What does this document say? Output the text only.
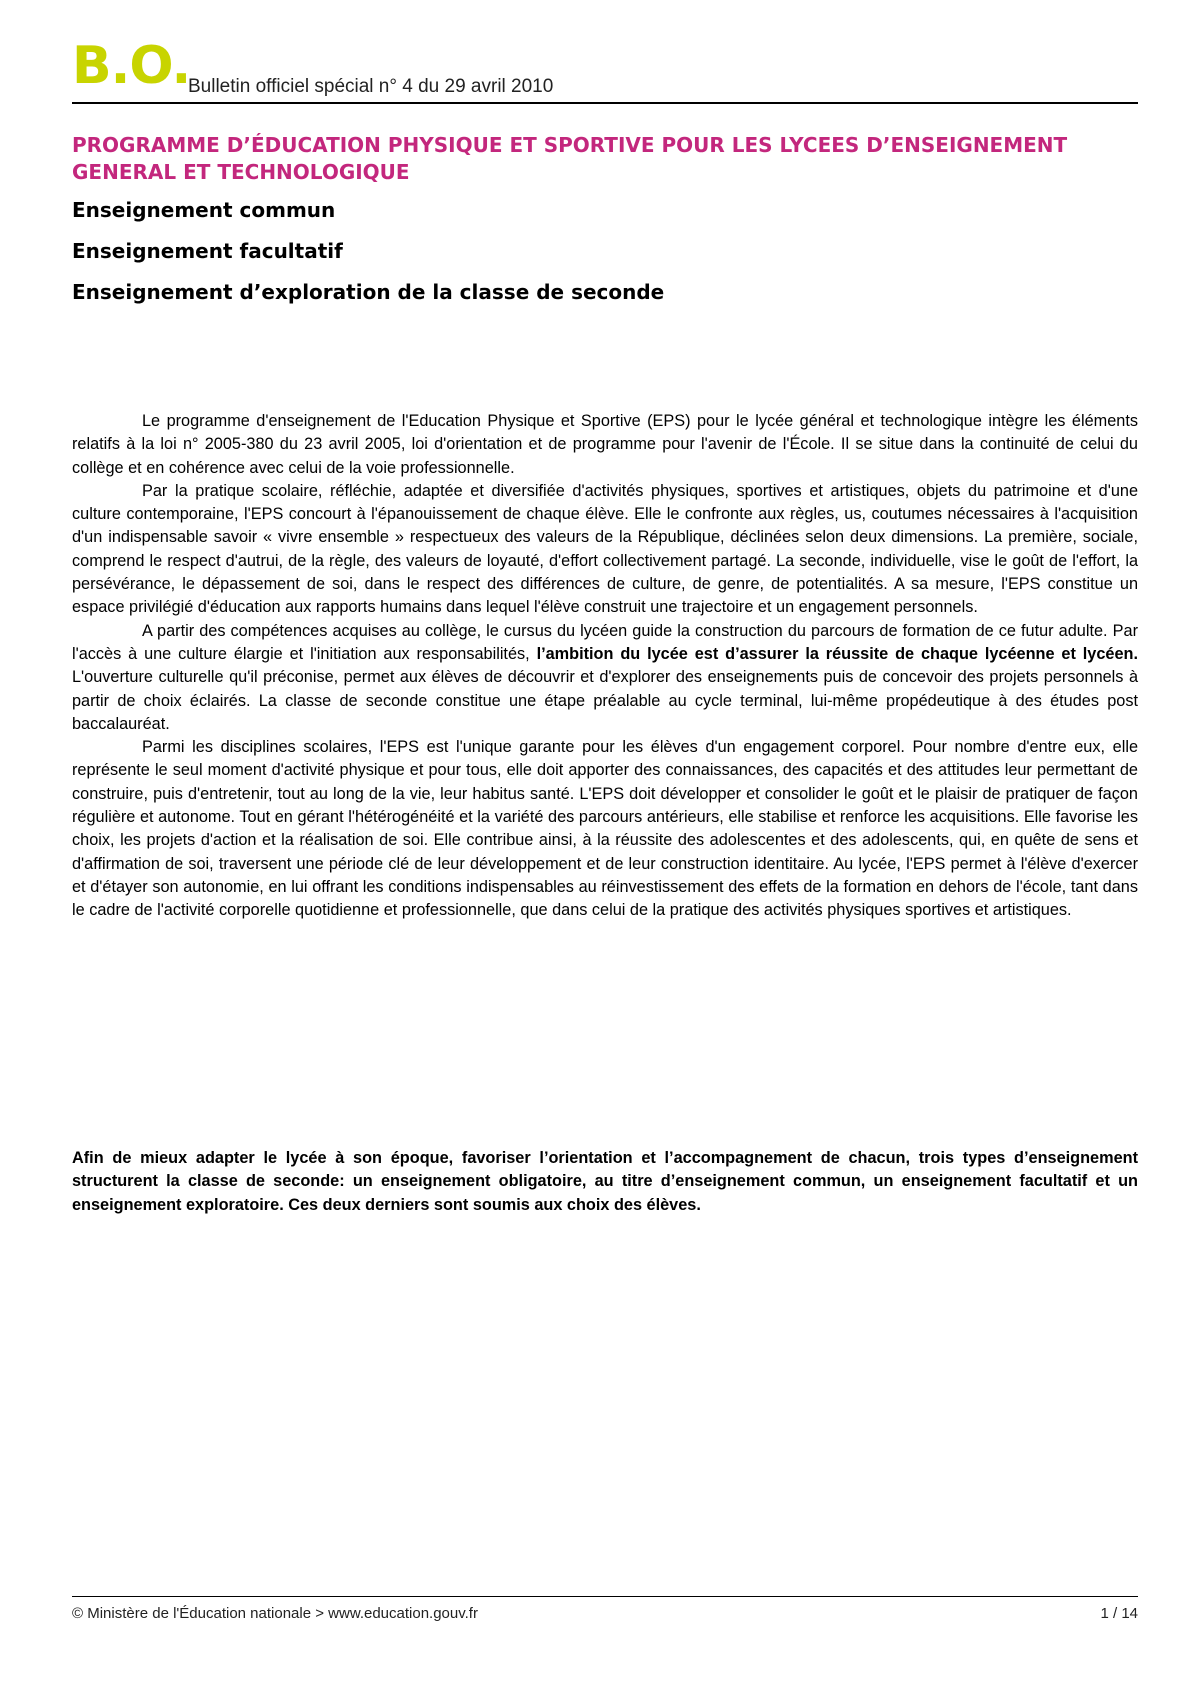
B.O.
Bulletin officiel spécial n° 4 du 29 avril 2010
PROGRAMME D’ÉDUCATION PHYSIQUE ET SPORTIVE POUR LES LYCEES D’ENSEIGNEMENT GENERAL ET TECHNOLOGIQUE
Enseignement commun
Enseignement facultatif
Enseignement d’exploration de la classe de seconde

Le programme d'enseignement de l'Education Physique et Sportive (EPS) pour le lycée général et technologique intègre les éléments relatifs à la loi n° 2005-380 du 23 avril 2005, loi d'orientation et de programme pour l'avenir de l'École. Il se situe dans la continuité de celui du collège et en cohérence avec celui de la voie professionnelle.

Par la pratique scolaire, réfléchie, adaptée et diversifiée d'activités physiques, sportives et artistiques, objets du patrimoine et d'une culture contemporaine, l'EPS concourt à l'épanouissement de chaque élève. Elle le confronte aux règles, us, coutumes nécessaires à l'acquisition d'un indispensable savoir « vivre ensemble » respectueux des valeurs de la République, déclinées selon deux dimensions. La première, sociale, comprend le respect d'autrui, de la règle, des valeurs de loyauté, d'effort collectivement partagé. La seconde, individuelle, vise le goût de l'effort, la persévérance, le dépassement de soi, dans le respect des différences de culture, de genre, de potentialités. A sa mesure, l'EPS constitue un espace privilégié d'éducation aux rapports humains dans lequel l'élève construit une trajectoire et un engagement personnels.

A partir des compétences acquises au collège, le cursus du lycéen guide la construction du parcours de formation de ce futur adulte. Par l'accès à une culture élargie et l'initiation aux responsabilités, l’ambition du lycée est d’assurer la réussite de chaque lycéenne et lycéen. L'ouverture culturelle qu'il préconise, permet aux élèves de découvrir et d'explorer des enseignements puis de concevoir des projets personnels à partir de choix éclairés. La classe de seconde constitue une étape préalable au cycle terminal, lui-même propédeutique à des études post baccalauréat.

Parmi les disciplines scolaires, l'EPS est l'unique garante pour les élèves d'un engagement corporel. Pour nombre d'entre eux, elle représente le seul moment d'activité physique et pour tous, elle doit apporter des connaissances, des capacités et des attitudes leur permettant de construire, puis d'entretenir, tout au long de la vie, leur habitus santé. L'EPS doit développer et consolider le goût et le plaisir de pratiquer de façon régulière et autonome. Tout en gérant l'hétérogénéité et la variété des parcours antérieurs, elle stabilise et renforce les acquisitions. Elle favorise les choix, les projets d'action et la réalisation de soi. Elle contribue ainsi, à la réussite des adolescentes et des adolescents, qui, en quête de sens et d'affirmation de soi, traversent une période clé de leur développement et de leur construction identitaire. Au lycée, l'EPS permet à l'élève d'exercer et d'étayer son autonomie, en lui offrant les conditions indispensables au réinvestissement des effets de la formation en dehors de l'école, tant dans le cadre de l'activité corporelle quotidienne et professionnelle, que dans celui de la pratique des activités physiques sportives et artistiques.

Afin de mieux adapter le lycée à son époque, favoriser l’orientation et l’accompagnement de chacun, trois types d’enseignement structurent la classe de seconde: un enseignement obligatoire, au titre d’enseignement commun, un enseignement facultatif et un enseignement exploratoire. Ces deux derniers sont soumis aux choix des élèves.

© Ministère de l'Éducation nationale > www.education.gouv.fr	1 / 14
